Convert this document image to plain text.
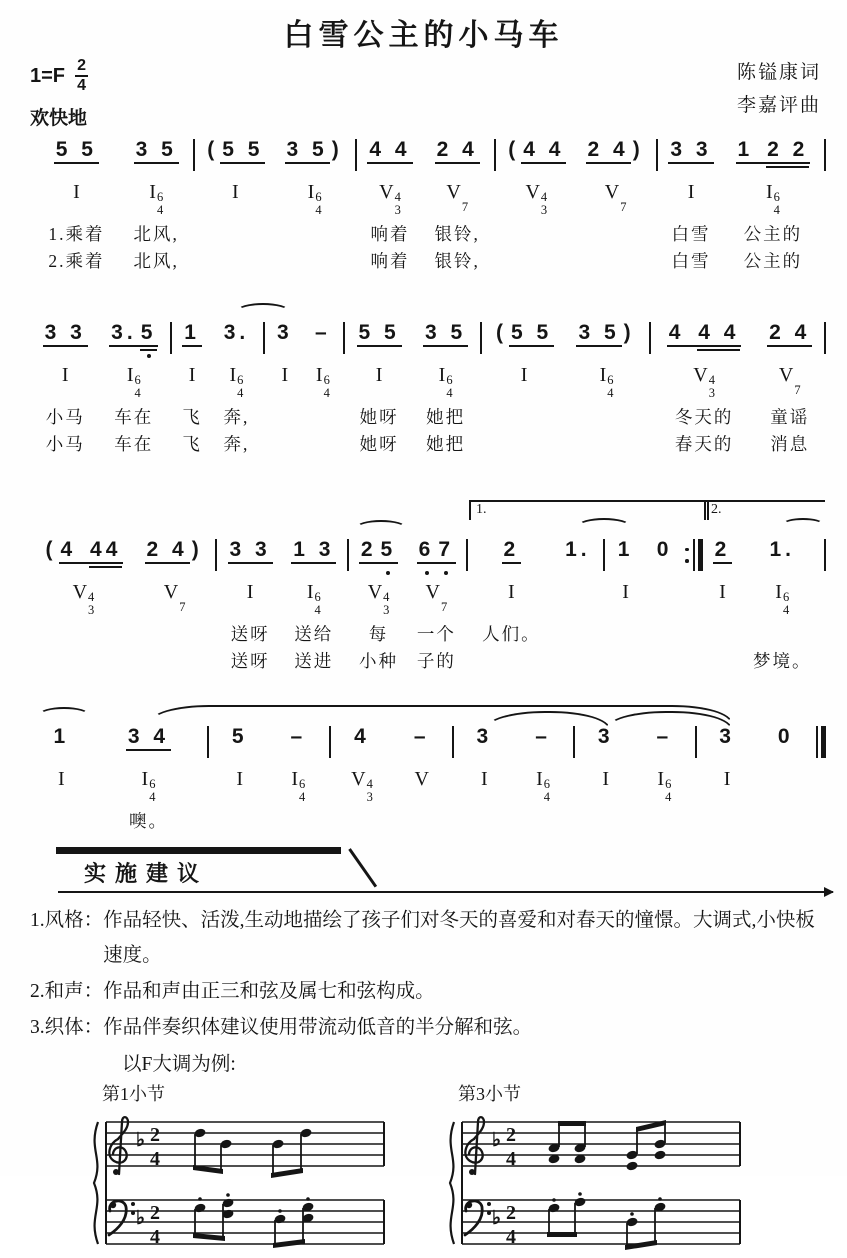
白雪公主的小马车
$1=F \frac{2}{4}$
欢快地
陈镒康词
李嘉评曲
5 5
I
1.乘着
2.乘着
3 5
I 6
4
北风,
北风,
( 5 5
I
3 5 )
I 6
4
4 4
V 4
3
响着
响着
2 4
V
7
银铃,
银铃,
( 4 4
V 4
3
2 4 )
V
7
3 3
I
白雪
白雪
1 2 2
I 6
4
公主的
公主的
3 3
I
小马
小马
3. 5
I 6
4
车在
车在
1
I
飞
飞
3.
I 6
4
奔,
奔,
3
I
–
I 6
4
5 5
I
她呀
她呀
3 5
I 6
4
她把
她把
( 5 5
I
3 5 )
I 6
4
4 4 4
V 4
3
冬天的
春天的
2 4
V
7
童谣
消息
( 4 44
V 4
3
2 4 )
V
7
3 3
I
送呀
送呀
1 3
I 6
4
送给
送进
2 5
V 4
3
每
小种
6 7
V
7
一个
子的
2
I
人们。
1. 1
I
0 2
I
1.
I 6
4
梦境。
1.	2.
1
I
3 4
I 6
4
噢。
5
I
–
I 6
4
4
V 4
3
–
V
3
I
–
I 6
4
3
I
–
I 6
4
3
I
0
实施建议
1.风格： 作品轻快、活泼,生动地描绘了孩子们对冬天的喜爱和对春天的憧憬。大调式,小快板速度。
2.和声： 作品和声由正三和弦及属七和弦构成。
3.织体： 作品伴奏织体建议使用带流动低音的半分解和弦。
以F大调为例:
第1小节
♭ 2
4
♭ 2
4
第3小节
♭ 2
4
♭ 2
4
